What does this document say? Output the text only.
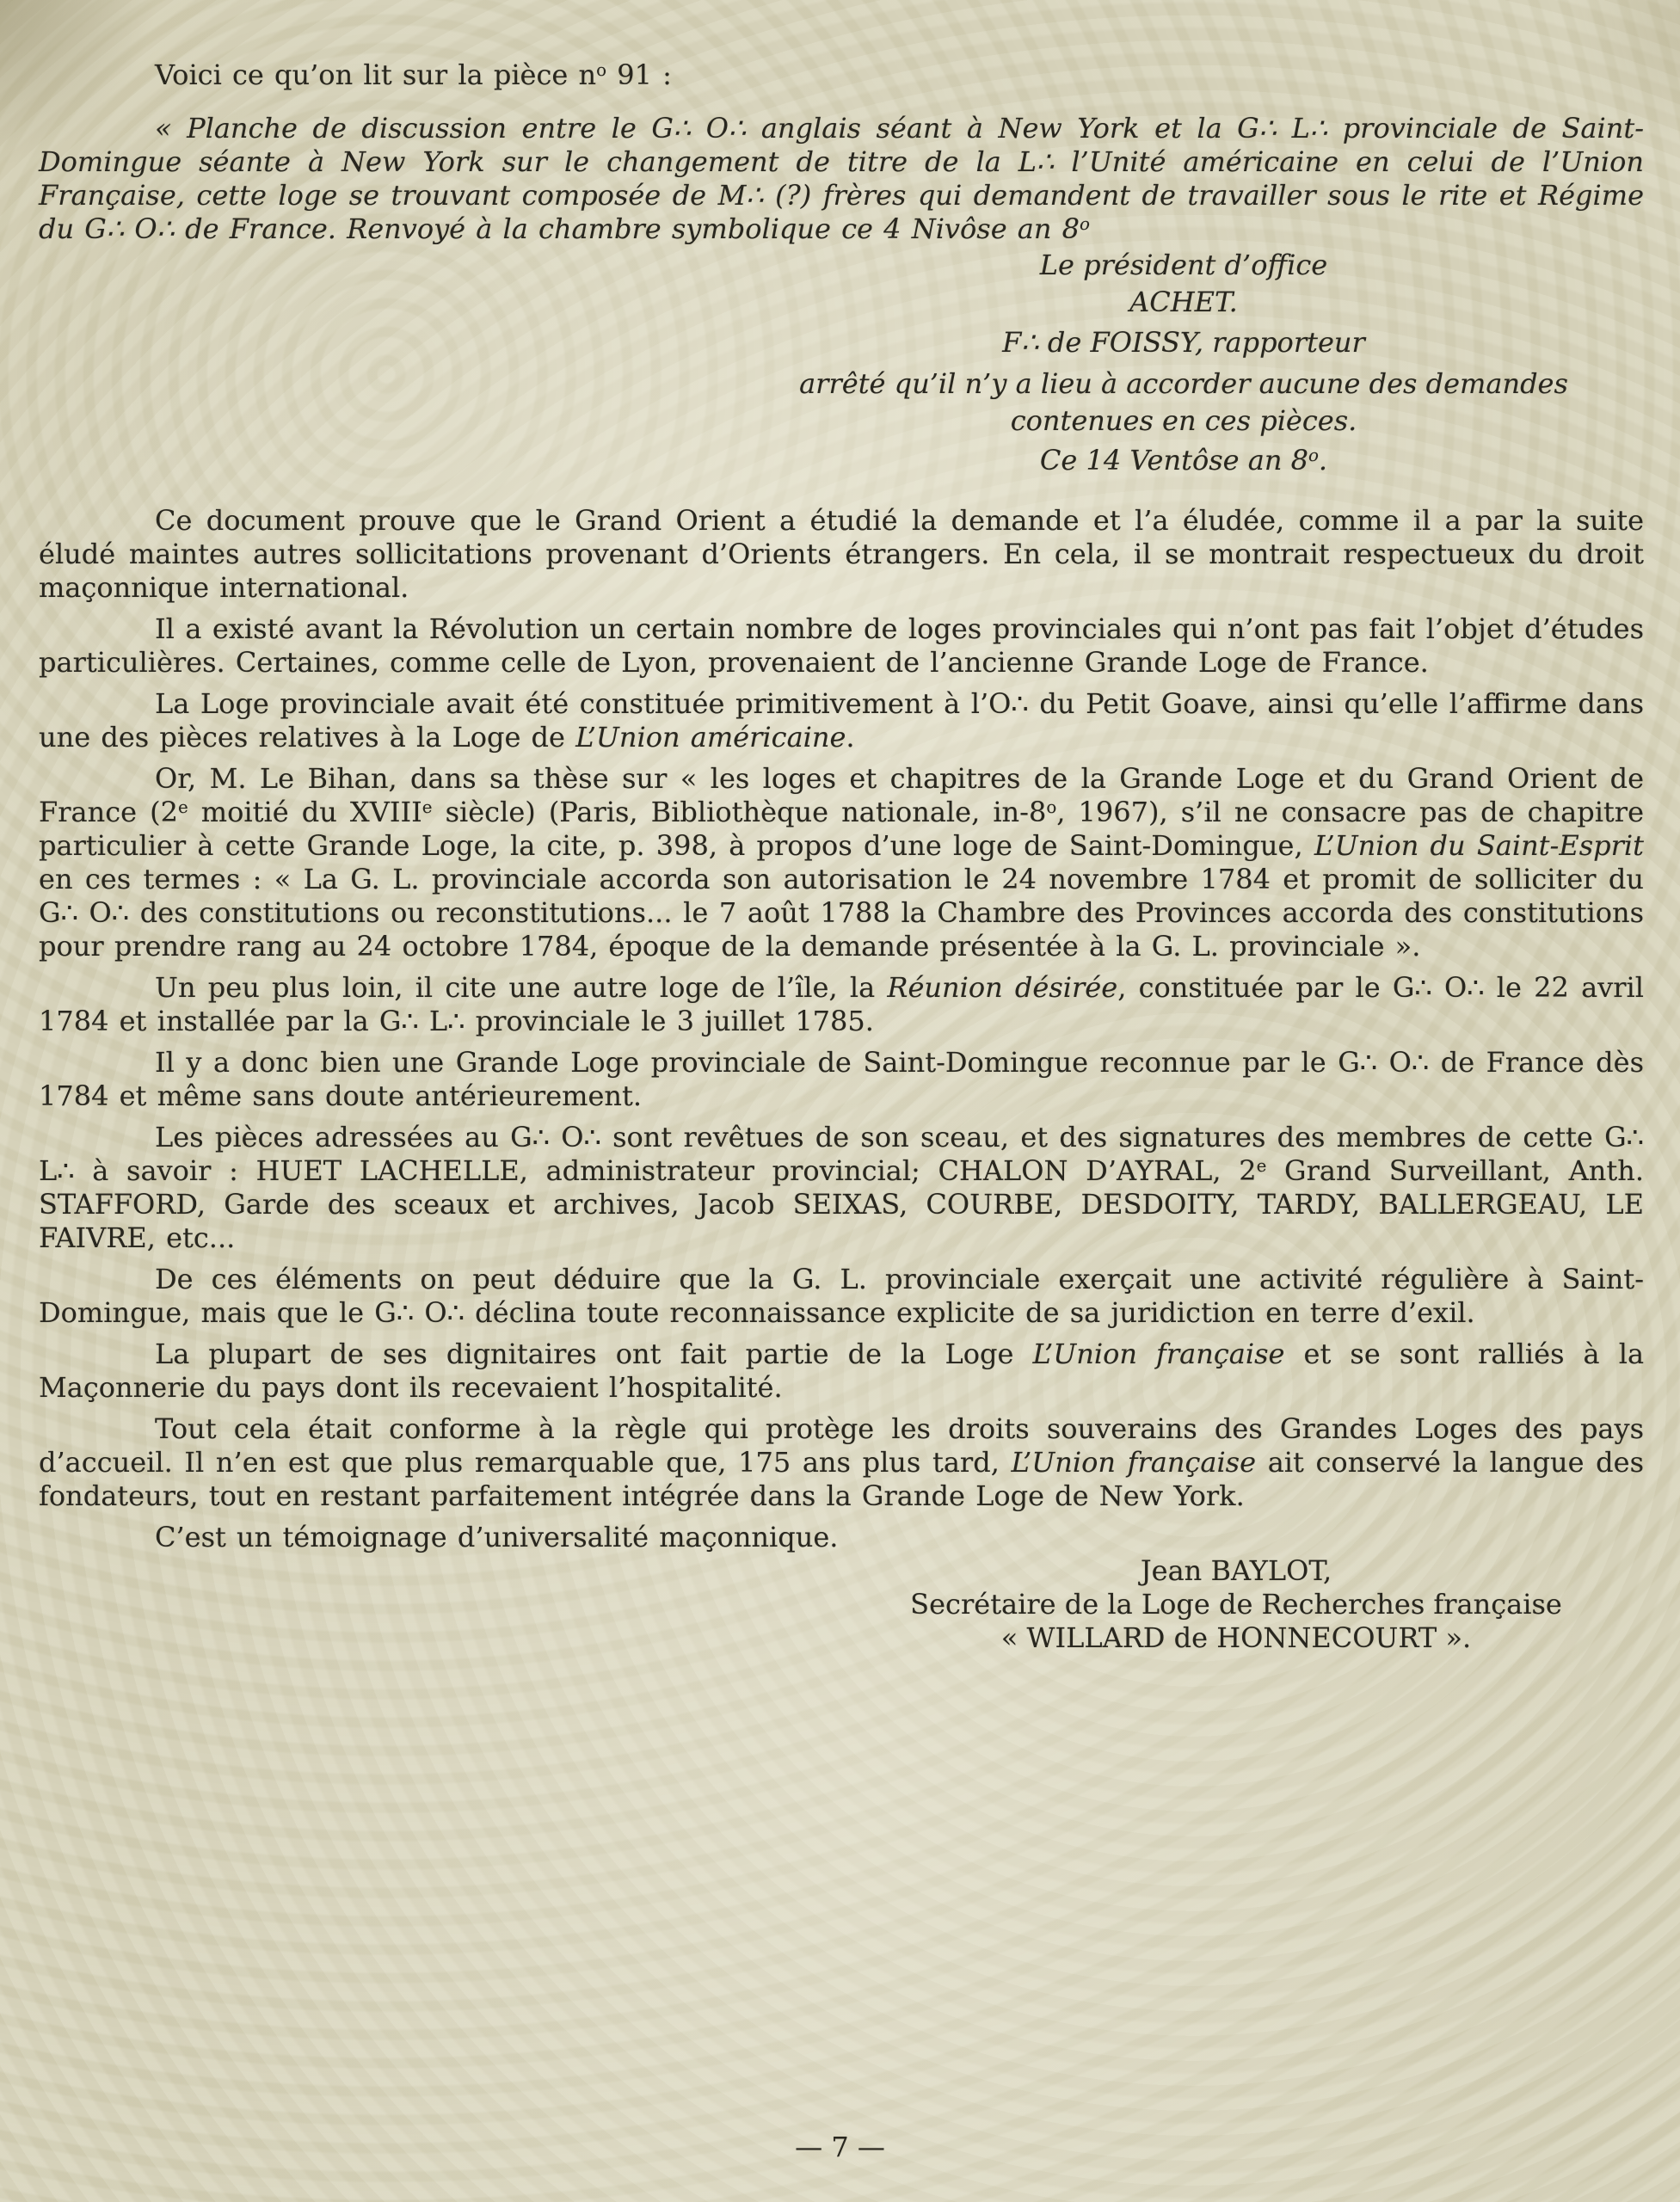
Voici ce qu’on lit sur la pièce $n^o$ 91 :

« Planche de discussion entre le G∴ O∴ anglais séant à New York et la G∴ L∴ provinciale de Saint-Domingue séante à New York sur le changement de titre de la L∴ l’Unité américaine en celui de l’Union Française, cette loge se trouvant composée de M∴ (?) frères qui demandent de travailler sous le rite et Régime du G∴ O∴ de France. Renvoyé à la chambre symbolique ce 4 Nivôse an 8$^o$

Le président d’office

ACHET.

F∴ de FOISSY, rapporteur

arrêté qu’il n’y a lieu à accorder aucune des demandes

contenues en ces pièces.

Ce 14 Ventôse an 8$^o$.

Ce document prouve que le Grand Orient a étudié la demande et l’a éludée, comme il a par la suite éludé maintes autres sollicitations provenant d’Orients étrangers. En cela, il se montrait respectueux du droit maçonnique international.

Il a existé avant la Révolution un certain nombre de loges provinciales qui n’ont pas fait l’objet d’études particulières. Certaines, comme celle de Lyon, provenaient de l’ancienne Grande Loge de France.

La Loge provinciale avait été constituée primitivement à l’O∴ du Petit Goave, ainsi qu’elle l’affirme dans une des pièces relatives à la Loge de L’Union américaine.

Or, M. Le Bihan, dans sa thèse sur « les loges et chapitres de la Grande Loge et du Grand Orient de France (2e moitié du XVIIIe siècle) (Paris, Bibliothèque nationale, in-8$^o$, 1967), s’il ne consacre pas de chapitre particulier à cette Grande Loge, la cite, p. 398, à propos d’une loge de Saint-Domingue, L’Union du Saint-Esprit en ces termes : « La G. L. provinciale accorda son autorisation le 24 novembre 1784 et promit de solliciter du G∴ O∴ des constitutions ou reconstitutions... le 7 août 1788 la Chambre des Provinces accorda des constitutions pour prendre rang au 24 octobre 1784, époque de la demande présentée à la G. L. provinciale ».

Un peu plus loin, il cite une autre loge de l’île, la Réunion désirée, constituée par le G∴ O∴ le 22 avril 1784 et installée par la G∴ L∴ provinciale le 3 juillet 1785.

Il y a donc bien une Grande Loge provinciale de Saint-Domingue reconnue par le G∴ O∴ de France dès 1784 et même sans doute antérieurement.

Les pièces adressées au G∴ O∴ sont revêtues de son sceau, et des signatures des membres de cette G∴ L∴ à savoir : HUET LACHELLE, administrateur provincial; CHALON D’AYRAL, 2e Grand Surveillant, Anth. STAFFORD, Garde des sceaux et archives, Jacob SEIXAS, COURBE, DESDOITY, TARDY, BALLERGEAU, LE FAIVRE, etc...

De ces éléments on peut déduire que la G. L. provinciale exerçait une activité régulière à Saint-Domingue, mais que le G∴ O∴ déclina toute reconnaissance explicite de sa juridiction en terre d’exil.

La plupart de ses dignitaires ont fait partie de la Loge L’Union française et se sont ralliés à la Maçonnerie du pays dont ils recevaient l’hospitalité.

Tout cela était conforme à la règle qui protège les droits souverains des Grandes Loges des pays d’accueil. Il n’en est que plus remarquable que, 175 ans plus tard, L’Union française ait conservé la langue des fondateurs, tout en restant parfaitement intégrée dans la Grande Loge de New York.

C’est un témoignage d’universalité maçonnique.

Jean BAYLOT,

Secrétaire de la Loge de Recherches française

« WILLARD de HONNECOURT ».

— 7 —
